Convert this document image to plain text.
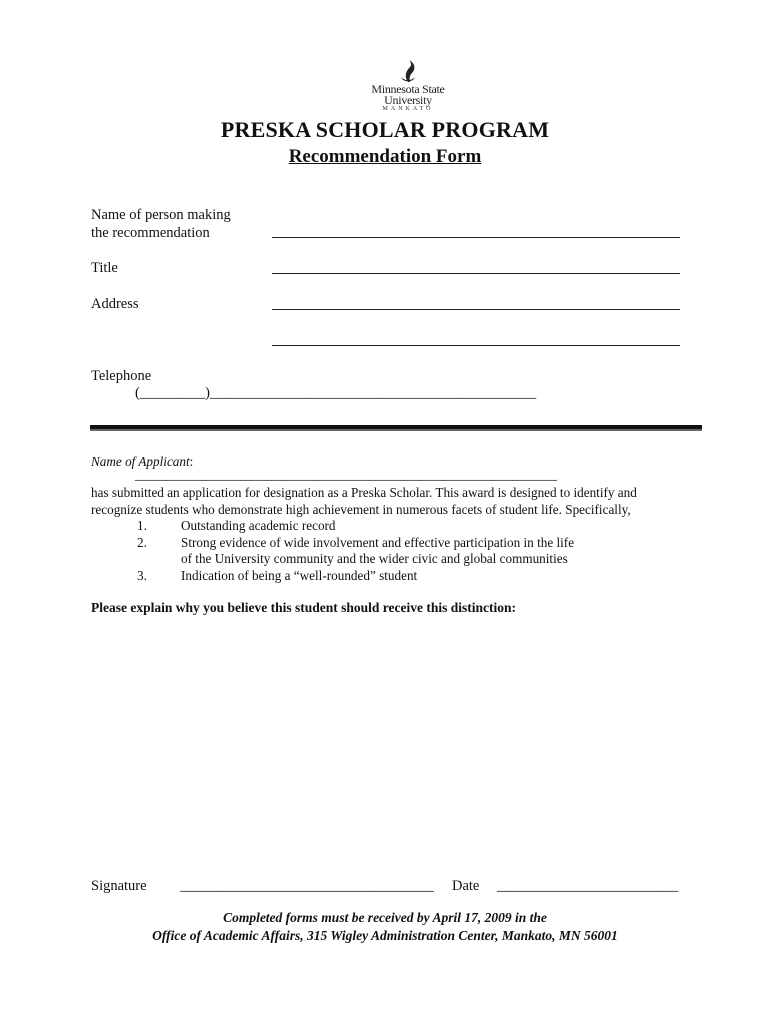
Minnesota State
University
MANKATO
PRESKA SCHOLAR PROGRAM
Recommendation Form
Name of person making
the recommendation
Title
Address
Telephone
(_________)_____________________________________________
Name of Applicant:
________________________________________________________________
has submitted an application for designation as a Preska Scholar. This award is designed to identify and
recognize students who demonstrate high achievement in numerous facets of student life. Specifically,
1.	Outstanding academic record
2.	Strong evidence of wide involvement and effective participation in the life
of the University community and the wider civic and global communities
3.	Indication of being a “well-rounded” student
Please explain why you believe this student should receive this distinction:
Signature ___________________________________ Date _________________________
Completed forms must be received by April 17, 2009 in the
Office of Academic Affairs, 315 Wigley Administration Center, Mankato, MN 56001
